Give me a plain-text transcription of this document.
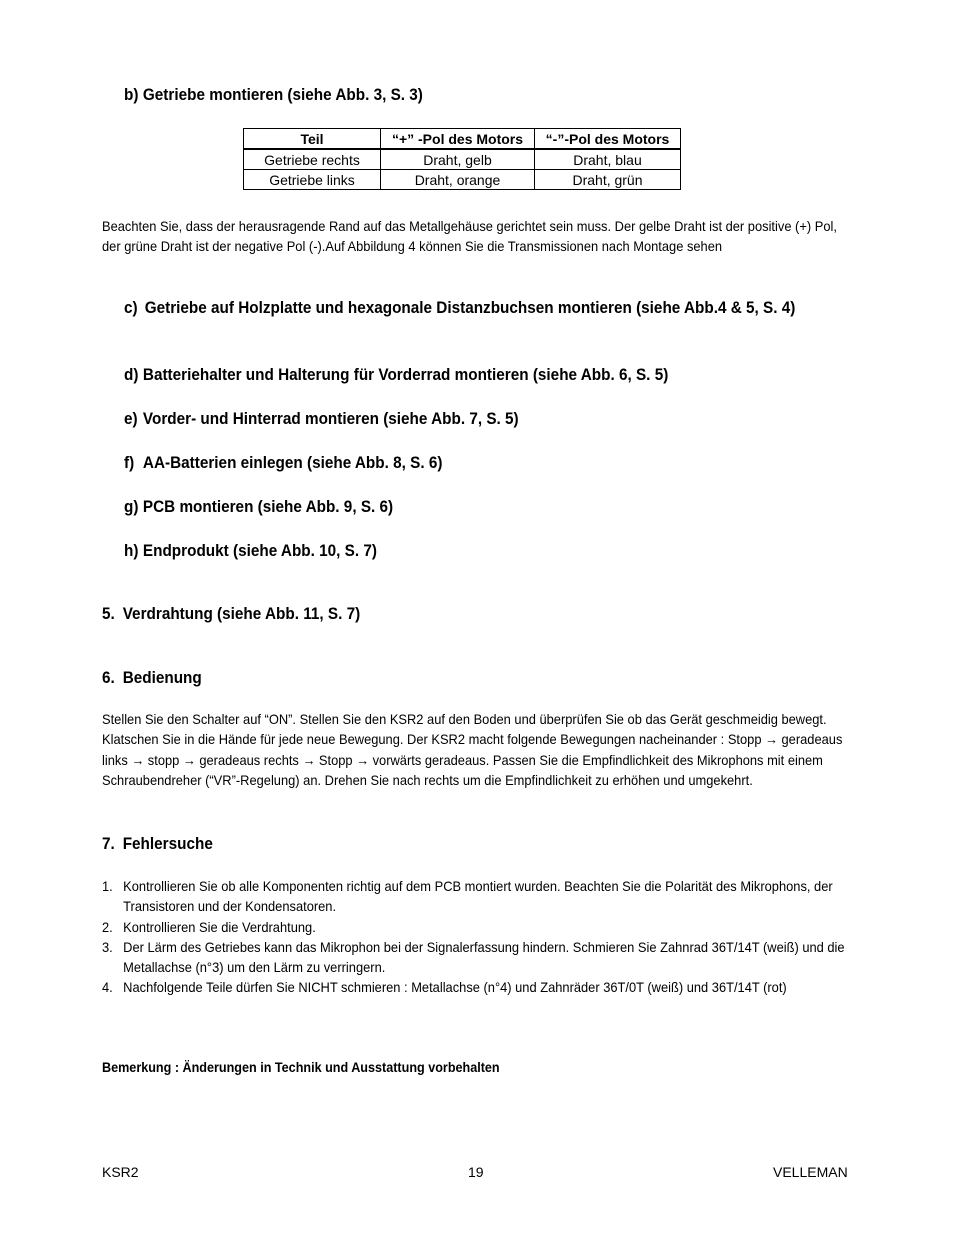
b) Getriebe montieren (siehe Abb. 3, S. 3)
Teil	“+” -Pol des Motors	“-”-Pol des Motors
Getriebe rechts	Draht, gelb	Draht, blau
Getriebe links	Draht, orange	Draht, grün
Beachten Sie, dass der herausragende Rand auf das Metallgehäuse gerichtet sein muss. Der gelbe Draht ist der positive (+) Pol, der grüne Draht ist der negative Pol (-).Auf Abbildung 4 können Sie die Transmissionen nach Montage sehen
c) Getriebe auf Holzplatte und hexagonale Distanzbuchsen montieren (siehe Abb.4 & 5, S. 4)
d) Batteriehalter und Halterung für Vorderrad montieren (siehe Abb. 6, S. 5)
e) Vorder- und Hinterrad montieren (siehe Abb. 7, S. 5)
f) AA-Batterien einlegen (siehe Abb. 8, S. 6)
g) PCB montieren (siehe Abb. 9, S. 6)
h) Endprodukt (siehe Abb. 10, S. 7)
5. Verdrahtung (siehe Abb. 11, S. 7)
6. Bedienung
Stellen Sie den Schalter auf “ON”. Stellen Sie den KSR2 auf den Boden und überprüfen Sie ob das Gerät geschmeidig bewegt. Klatschen Sie in die Hände für jede neue Bewegung. Der KSR2 macht folgende Bewegungen nacheinander : Stopp → geradeaus links → stopp → geradeaus rechts → Stopp → vorwärts geradeaus. Passen Sie die Empfindlichkeit des Mikrophons mit einem Schraubendreher (“VR”-Regelung) an. Drehen Sie nach rechts um die Empfindlichkeit zu erhöhen und umgekehrt.
7. Fehlersuche
1. Kontrollieren Sie ob alle Komponenten richtig auf dem PCB montiert wurden. Beachten Sie die Polarität des Mikrophons, der Transistoren und der Kondensatoren.
2. Kontrollieren Sie die Verdrahtung.
3. Der Lärm des Getriebes kann das Mikrophon bei der Signalerfassung hindern. Schmieren Sie Zahnrad 36T/14T (weiß) und die Metallachse (n°3) um den Lärm zu verringern.
4. Nachfolgende Teile dürfen Sie NICHT schmieren : Metallachse (n°4) und Zahnräder 36T/0T (weiß) und 36T/14T (rot)
Bemerkung : Änderungen in Technik und Ausstattung vorbehalten
KSR2	19	VELLEMAN
